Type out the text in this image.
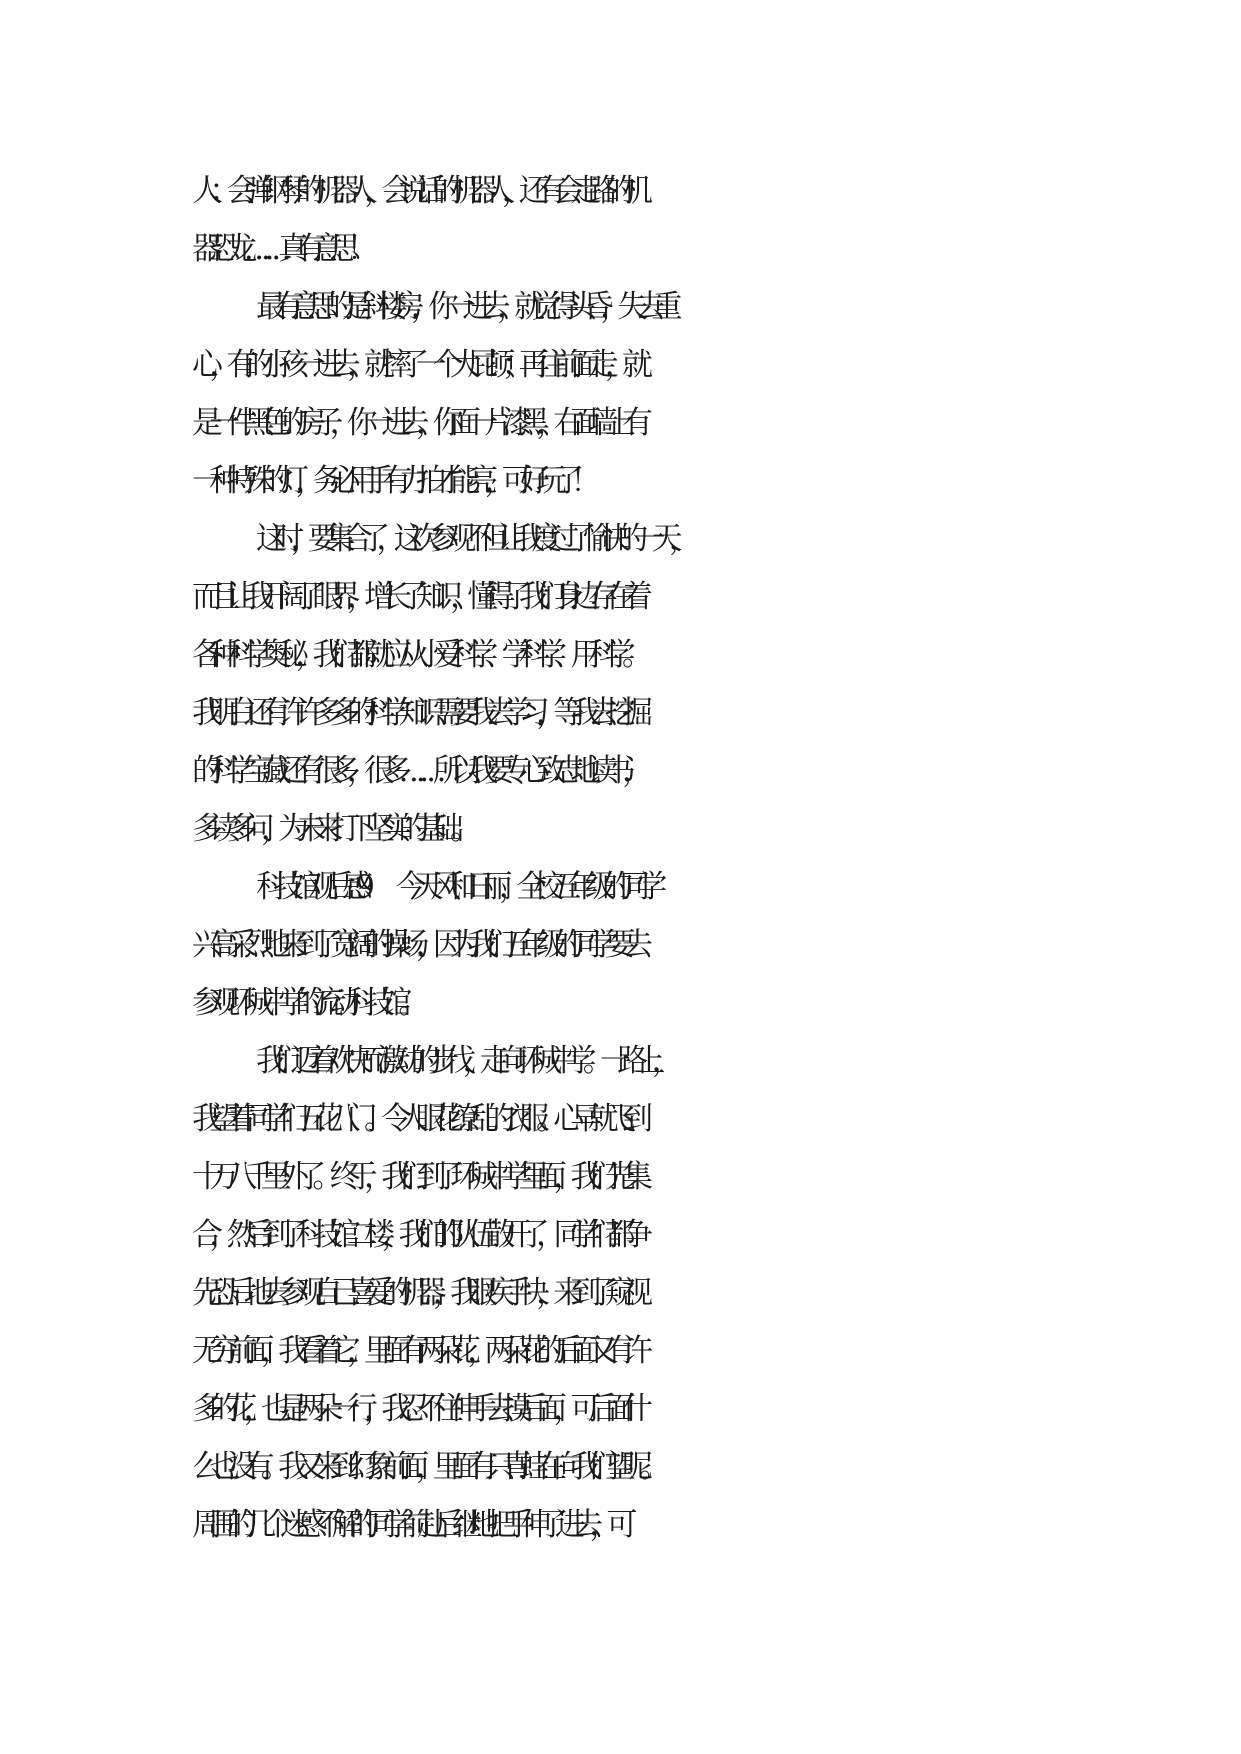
人：会弹钢琴的机器人，会说话的机器人，还有会走路的机
器恐龙……真有意思！
最有意思的是斜楼房，你一进去，就觉得头昏，失去重
心，有的小孩一进去，就摔了一个大屁顿；再往前面走，就
是一件黑色的房子，你一进去，你面一片漆黑，右面墙上有
一种特殊的灯，务必用手有力拍才能亮，可好玩了！
这时，要集合了，这次参观不但让我度过了愉快的一天，
而且让我开阔了眼界，增长了知识，懂得了我们身边存在着
各种科学奥秘，我们都就应从小爱科学、学科学、用科学。
我明白还有许许多多的科学知识需要我去学习，等我去挖掘
的科学宝藏还有很多，很多……所以我要专心致志地读书，
多读多问，为未来打下坚实的基础。
科技馆观后感 9　　今天风和日丽，全校五年级的同学
兴高采烈地来到了宽阔的操场，因为我们五年级的同学要去
参观环城中学的流动科技馆。
我们迈着欢快而激动的步伐，走向环城中学。一路上，
我望着同学们五花八门。令人眼花缭乱的衣服。心早就飞到
十万八千里外了。终于，我们到了环城中学里面，我们先集
合，然后到了科技馆二楼，我们的队伍散开了，同学们都争
先恐后地去参观自己喜爱的机器，我眼疾手快，来到了窥视
无穷前面，我看着它，里面有两朵花，两朵花的后面又有许
多的花，也是两朵一行，我忍不住伸手去摸后面，可后面什
么也没有。我又来到幻象前面，里面有只青蛙在向我们望呢。
周围的`几个迷惑不解的同学前赴后继地把手伸了进去，可
